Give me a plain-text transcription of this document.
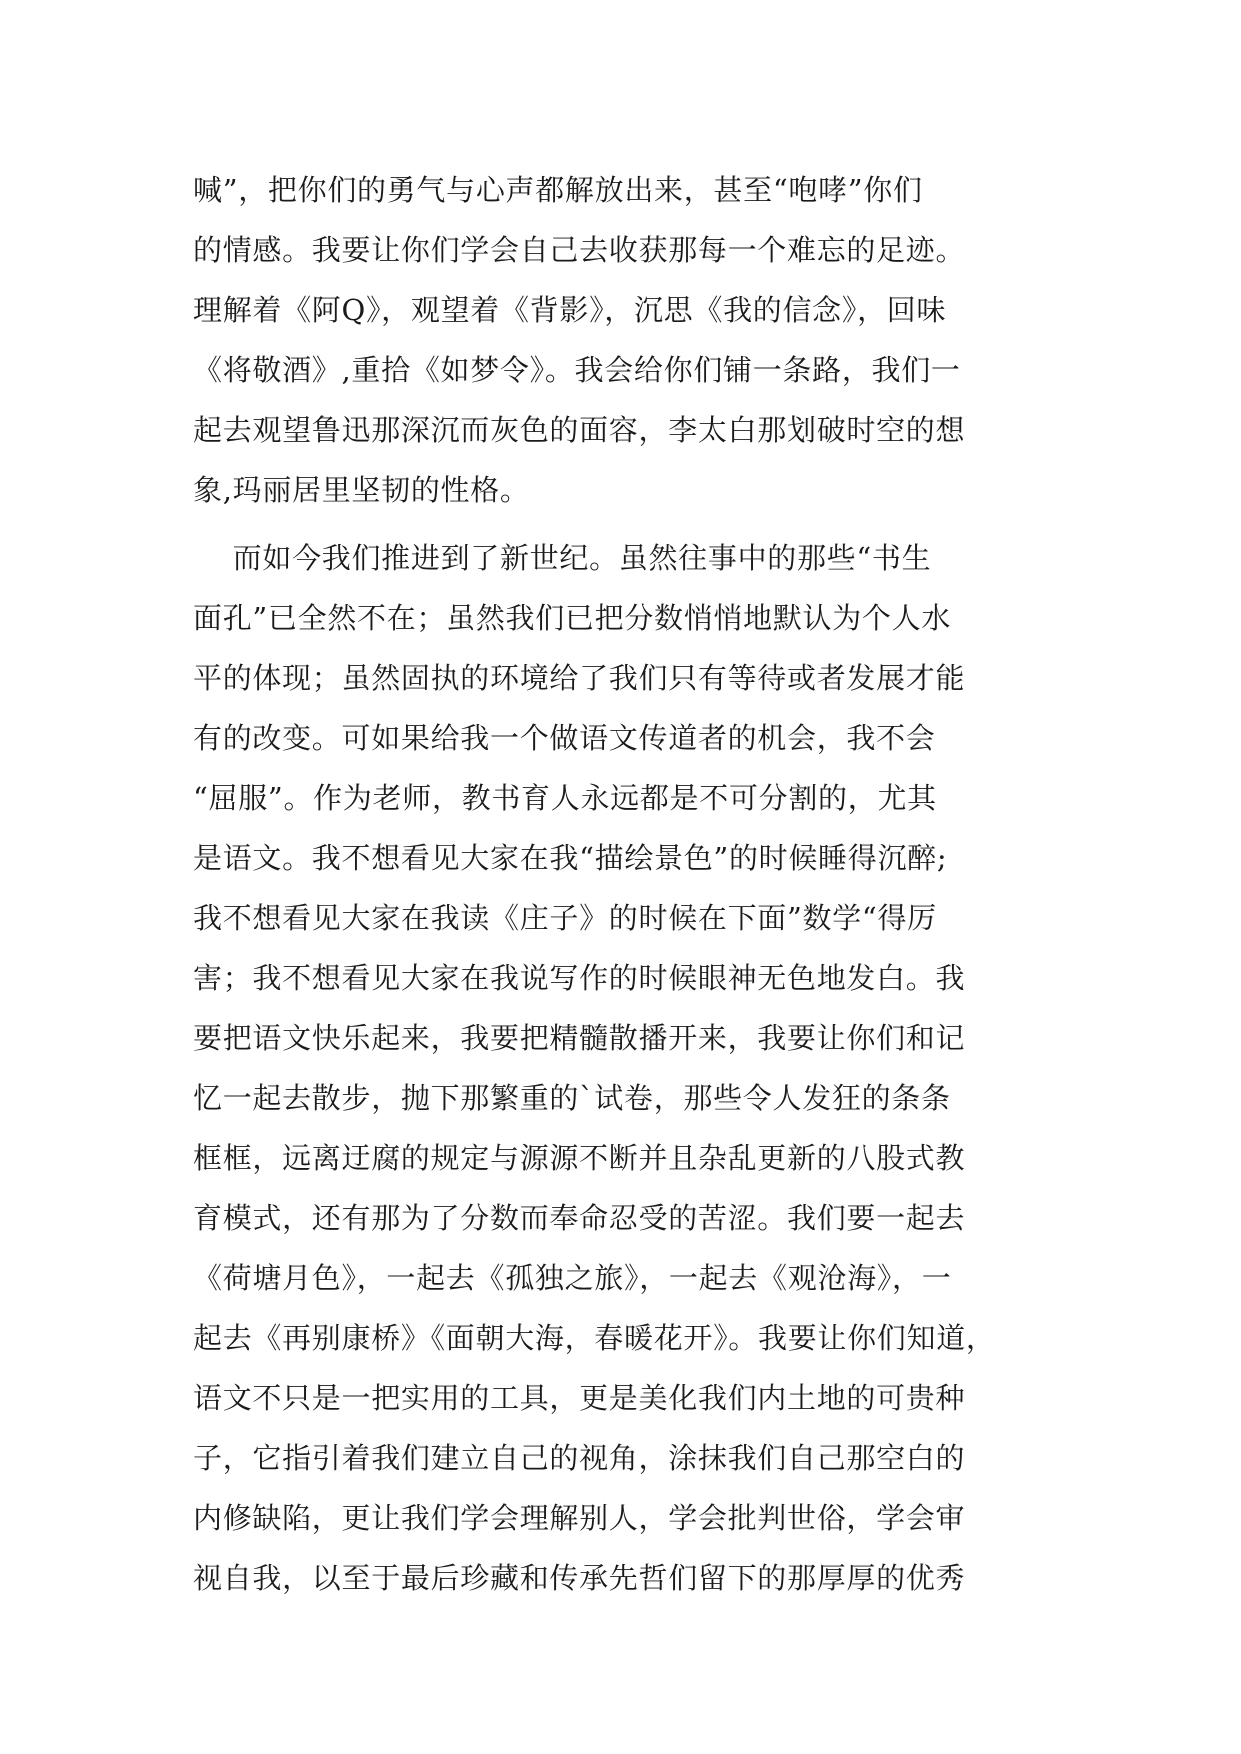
喊”，把你们的勇气与心声都解放出来，甚至“咆哮”你们
的情感。我要让你们学会自己去收获那每一个难忘的足迹。
理解着《阿Q》，观望着《背影》，沉思《我的信念》，回味
《将敬酒》,重拾《如梦令》。我会给你们铺一条路，我们一
起去观望鲁迅那深沉而灰色的面容，李太白那划破时空的想
象,玛丽居里坚韧的性格。
而如今我们推进到了新世纪。虽然往事中的那些“书生
面孔”已全然不在；虽然我们已把分数悄悄地默认为个人水
平的体现；虽然固执的环境给了我们只有等待或者发展才能
有的改变。可如果给我一个做语文传道者的机会，我不会
“屈服”。作为老师，教书育人永远都是不可分割的，尤其
是语文。我不想看见大家在我“描绘景色”的时候睡得沉醉;
我不想看见大家在我读《庄子》的时候在下面”数学“得厉
害；我不想看见大家在我说写作的时候眼神无色地发白。我
要把语文快乐起来，我要把精髓散播开来，我要让你们和记
忆一起去散步，抛下那繁重的`试卷，那些令人发狂的条条
框框，远离迂腐的规定与源源不断并且杂乱更新的八股式教
育模式，还有那为了分数而奉命忍受的苦涩。我们要一起去
《荷塘月色》，一起去《孤独之旅》，一起去《观沧海》，一
起去《再别康桥》《面朝大海，春暖花开》。我要让你们知道，
语文不只是一把实用的工具，更是美化我们内土地的可贵种
子，它指引着我们建立自己的视角，涂抹我们自己那空白的
内修缺陷，更让我们学会理解别人，学会批判世俗，学会审
视自我，以至于最后珍藏和传承先哲们留下的那厚厚的优秀
